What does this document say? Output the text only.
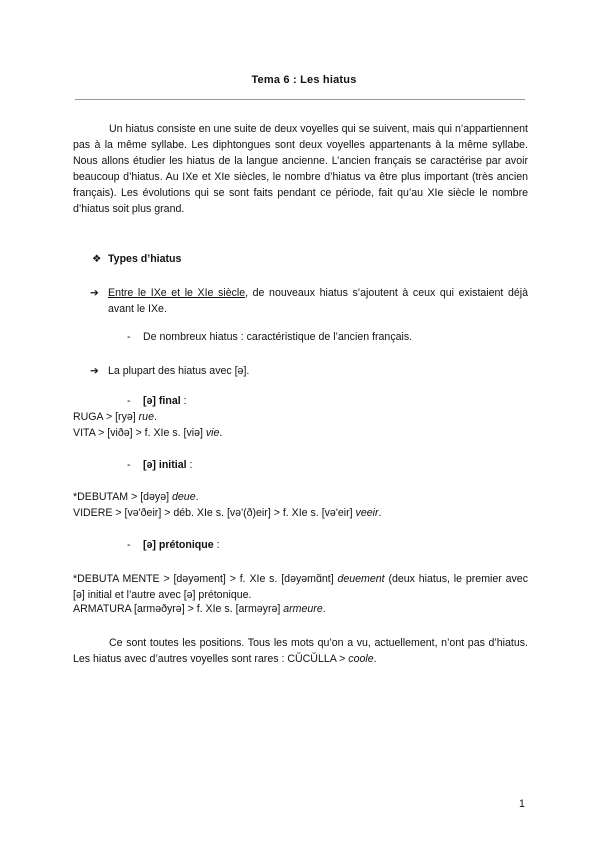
Tema 6 : Les hiatus
Un hiatus consiste en une suite de deux voyelles qui se suivent, mais qui n’appartiennent pas à la même syllabe. Les diphtongues sont deux voyelles appartenants à la même syllabe. Nous allons étudier les hiatus de la langue ancienne. L’ancien français se caractérise par avoir beaucoup d’hiatus. Au IXe et XIe siècles, le nombre d’hiatus va être plus important (très ancien français). Les évolutions qui se sont faits pendant ce période, fait qu’au XIe siècle le nombre d’hiatus soit plus grand.
❖ Types d’hiatus
➔ Entre le IXe et le XIe siècle, de nouveaux hiatus s’ajoutent à ceux qui existaient déjà avant le IXe.
- De nombreux hiatus : caractéristique de l’ancien français.
➔ La plupart des hiatus avec [ə].
- [ə] final :
RUGA > [ryə] rue.
VITA > [viðə] > f. XIe s. [viə] vie.
- [ə] initial :
*DEBUTAM > [dəyə] deue.
VIDERE > [və'ðeir] > déb. XIe s. [və'(ð)eir] > f. XIe s. [və'eir] veeir.
- [ə] prétonique :
*DEBUTA MENTE > [dəyəment] > f. XIe s. [dəyəmɑ̃nt] deuement (deux hiatus, le premier avec [ə] initial et l’autre avec [ə] prétonique.
ARMATURA [arməðyrə] > f. XIe s. [arməyrə] armeure.
Ce sont toutes les positions. Tous les mots qu’on a vu, actuellement, n’ont pas d’hiatus. Les hiatus avec d’autres voyelles sont rares : CŬCŬLLA > coole.
1
